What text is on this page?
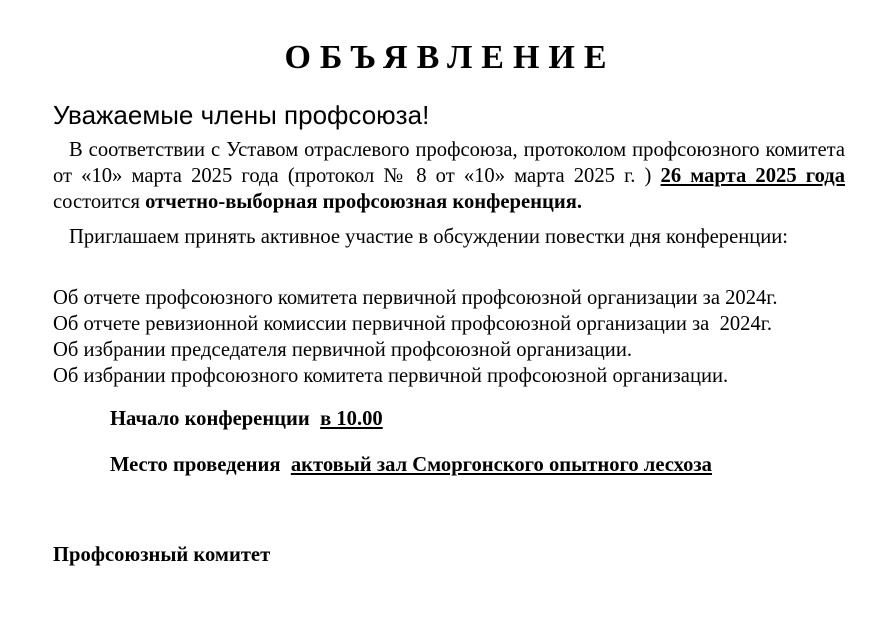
ОБЪЯВЛЕНИЕ
Уважаемые члены профсоюза!
В соответствии с Уставом отраслевого профсоюза, протоколом профсоюзного комитета от «10» марта 2025 года (протокол № 8 от «10» марта 2025 г. ) 26 марта 2025 года состоится отчетно-выборная профсоюзная конференция.
Приглашаем принять активное участие в обсуждении повестки дня конференции:
Об отчете профсоюзного комитета первичной профсоюзной организации за 2024г.
Об отчете ревизионной комиссии первичной профсоюзной организации за  2024г.
Об избрании председателя первичной профсоюзной организации.
Об избрании профсоюзного комитета первичной профсоюзной организации.
Начало конференции  в 10.00
Место проведения  актовый зал Сморгонского опытного лесхоза
Профсоюзный комитет
